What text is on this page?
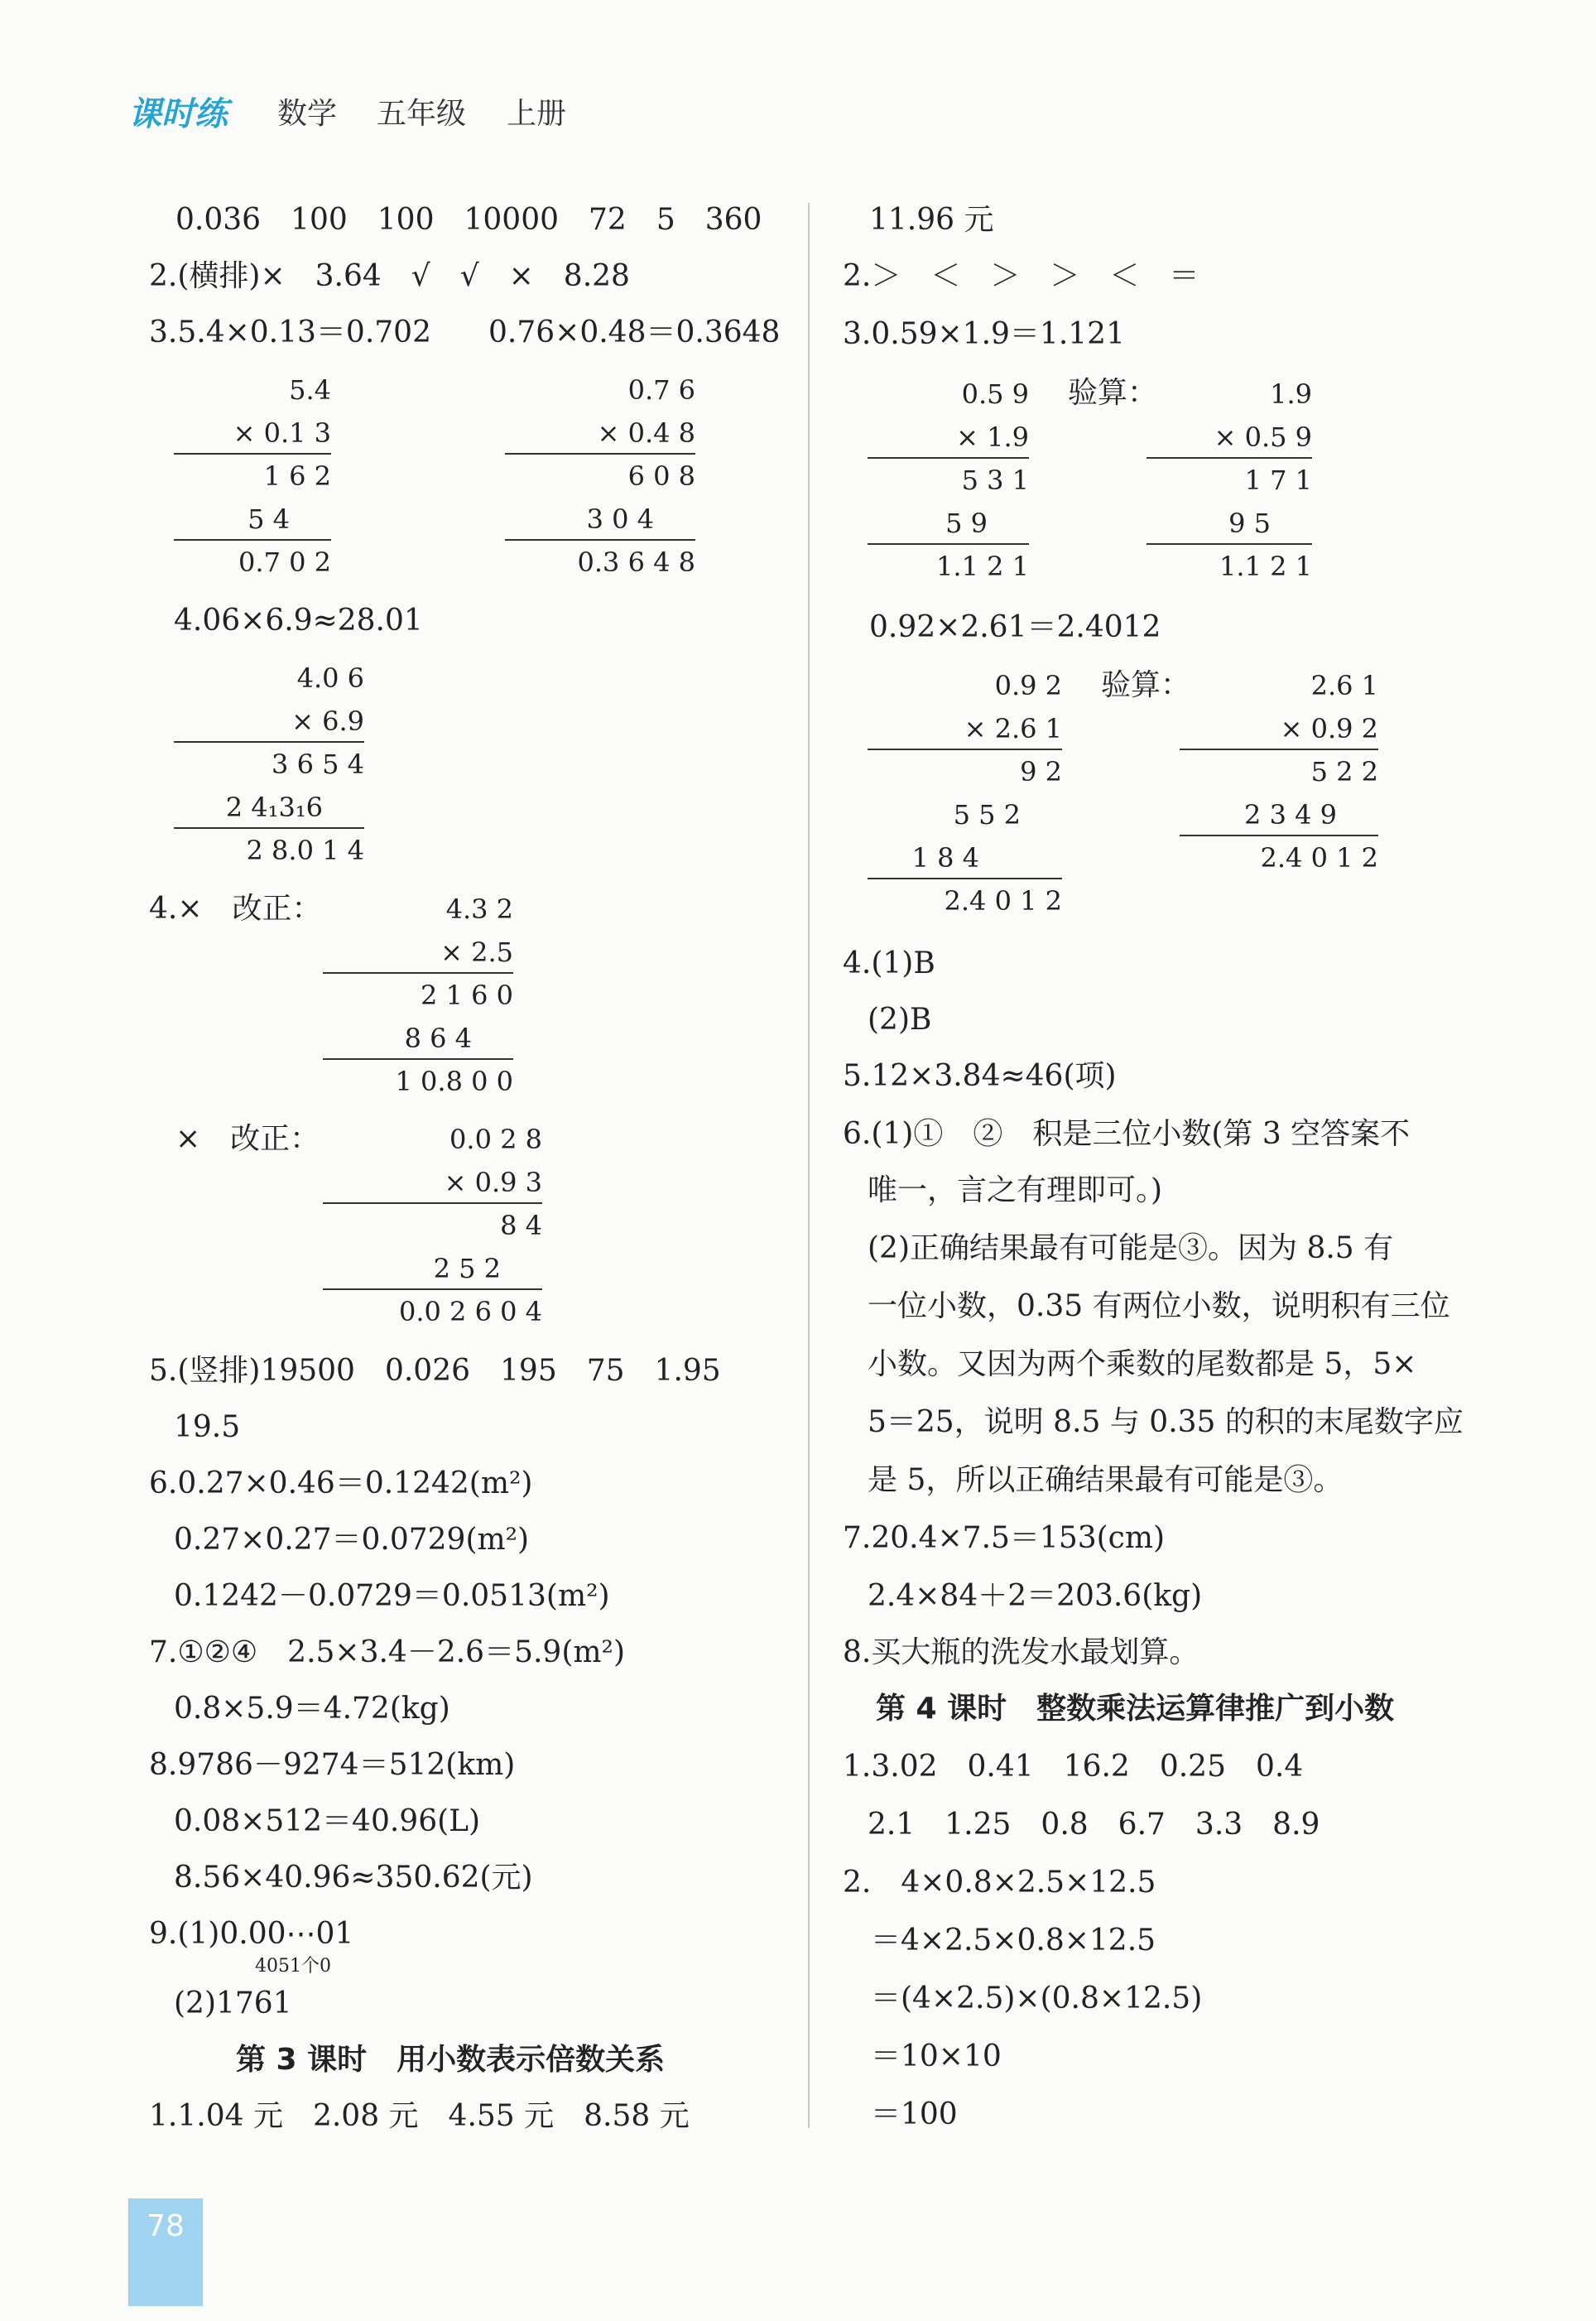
课时练 数学 五年级 上册
0.036　100　100　10000　72　5　360
2.(横排)×　3.64　√　√　×　8.28
3.5.4×0.13＝0.702 0.76×0.48＝0.3648
5.4
× 0.1 3
1 6 2
5 4
0.7 0 2
0.7 6
× 0.4 8
6 0 8
3 0 4
0.3 6 4 8
4.06×6.9≈28.01
4.0 6
× 6.9
3 6 5 4
2 4₁3₁6
2 8.0 1 4
4.×　改正：	4.3 2
× 2.5
2 1 6 0
8 6 4
1 0.8 0 0
×　改正：	0.0 2 8
× 0.9 3
8 4
2 5 2
0.0 2 6 0 4
5.(竖排)19500　0.026　195　75　1.95
19.5
6.0.27×0.46＝0.1242(m²)
0.27×0.27＝0.0729(m²)
0.1242－0.0729＝0.0513(m²)
7.①②④　2.5×3.4－2.6＝5.9(m²)
0.8×5.9＝4.72(kg)
8.9786－9274＝512(km)
0.08×512＝40.96(L)
8.56×40.96≈350.62(元)
9.(1)0.00⋯01
4051个0
(2)1761
第 3 课时　用小数表示倍数关系
1.1.04 元　2.08 元　4.55 元　8.58 元
11.96 元
2.＞　＜　＞　＞　＜　＝
3.0.59×1.9＝1.121
0.5 9
× 1.9
5 3 1
5 9
1.1 2 1
验算：	1.9
× 0.5 9
1 7 1
9 5
1.1 2 1
0.92×2.61＝2.4012
0.9 2
× 2.6 1
9 2
5 5 2
1 8 4
2.4 0 1 2
验算：	2.6 1
× 0.9 2
5 2 2
2 3 4 9
2.4 0 1 2
4.(1)B
(2)B
5.12×3.84≈46(项)
6.(1)①　②　积是三位小数(第 3 空答案不
唯一，言之有理即可。)
(2)正确结果最有可能是③。因为 8.5 有
一位小数，0.35 有两位小数，说明积有三位
小数。又因为两个乘数的尾数都是 5，5×
5＝25，说明 8.5 与 0.35 的积的末尾数字应
是 5，所以正确结果最有可能是③。
7.20.4×7.5＝153(cm)
2.4×84＋2＝203.6(kg)
8.买大瓶的洗发水最划算。
第 4 课时　整数乘法运算律推广到小数
1.3.02　0.41　16.2　0.25　0.4
2.1　1.25　0.8　6.7　3.3　8.9
2.　4×0.8×2.5×12.5
＝4×2.5×0.8×12.5
＝(4×2.5)×(0.8×12.5)
＝10×10
＝100
78
